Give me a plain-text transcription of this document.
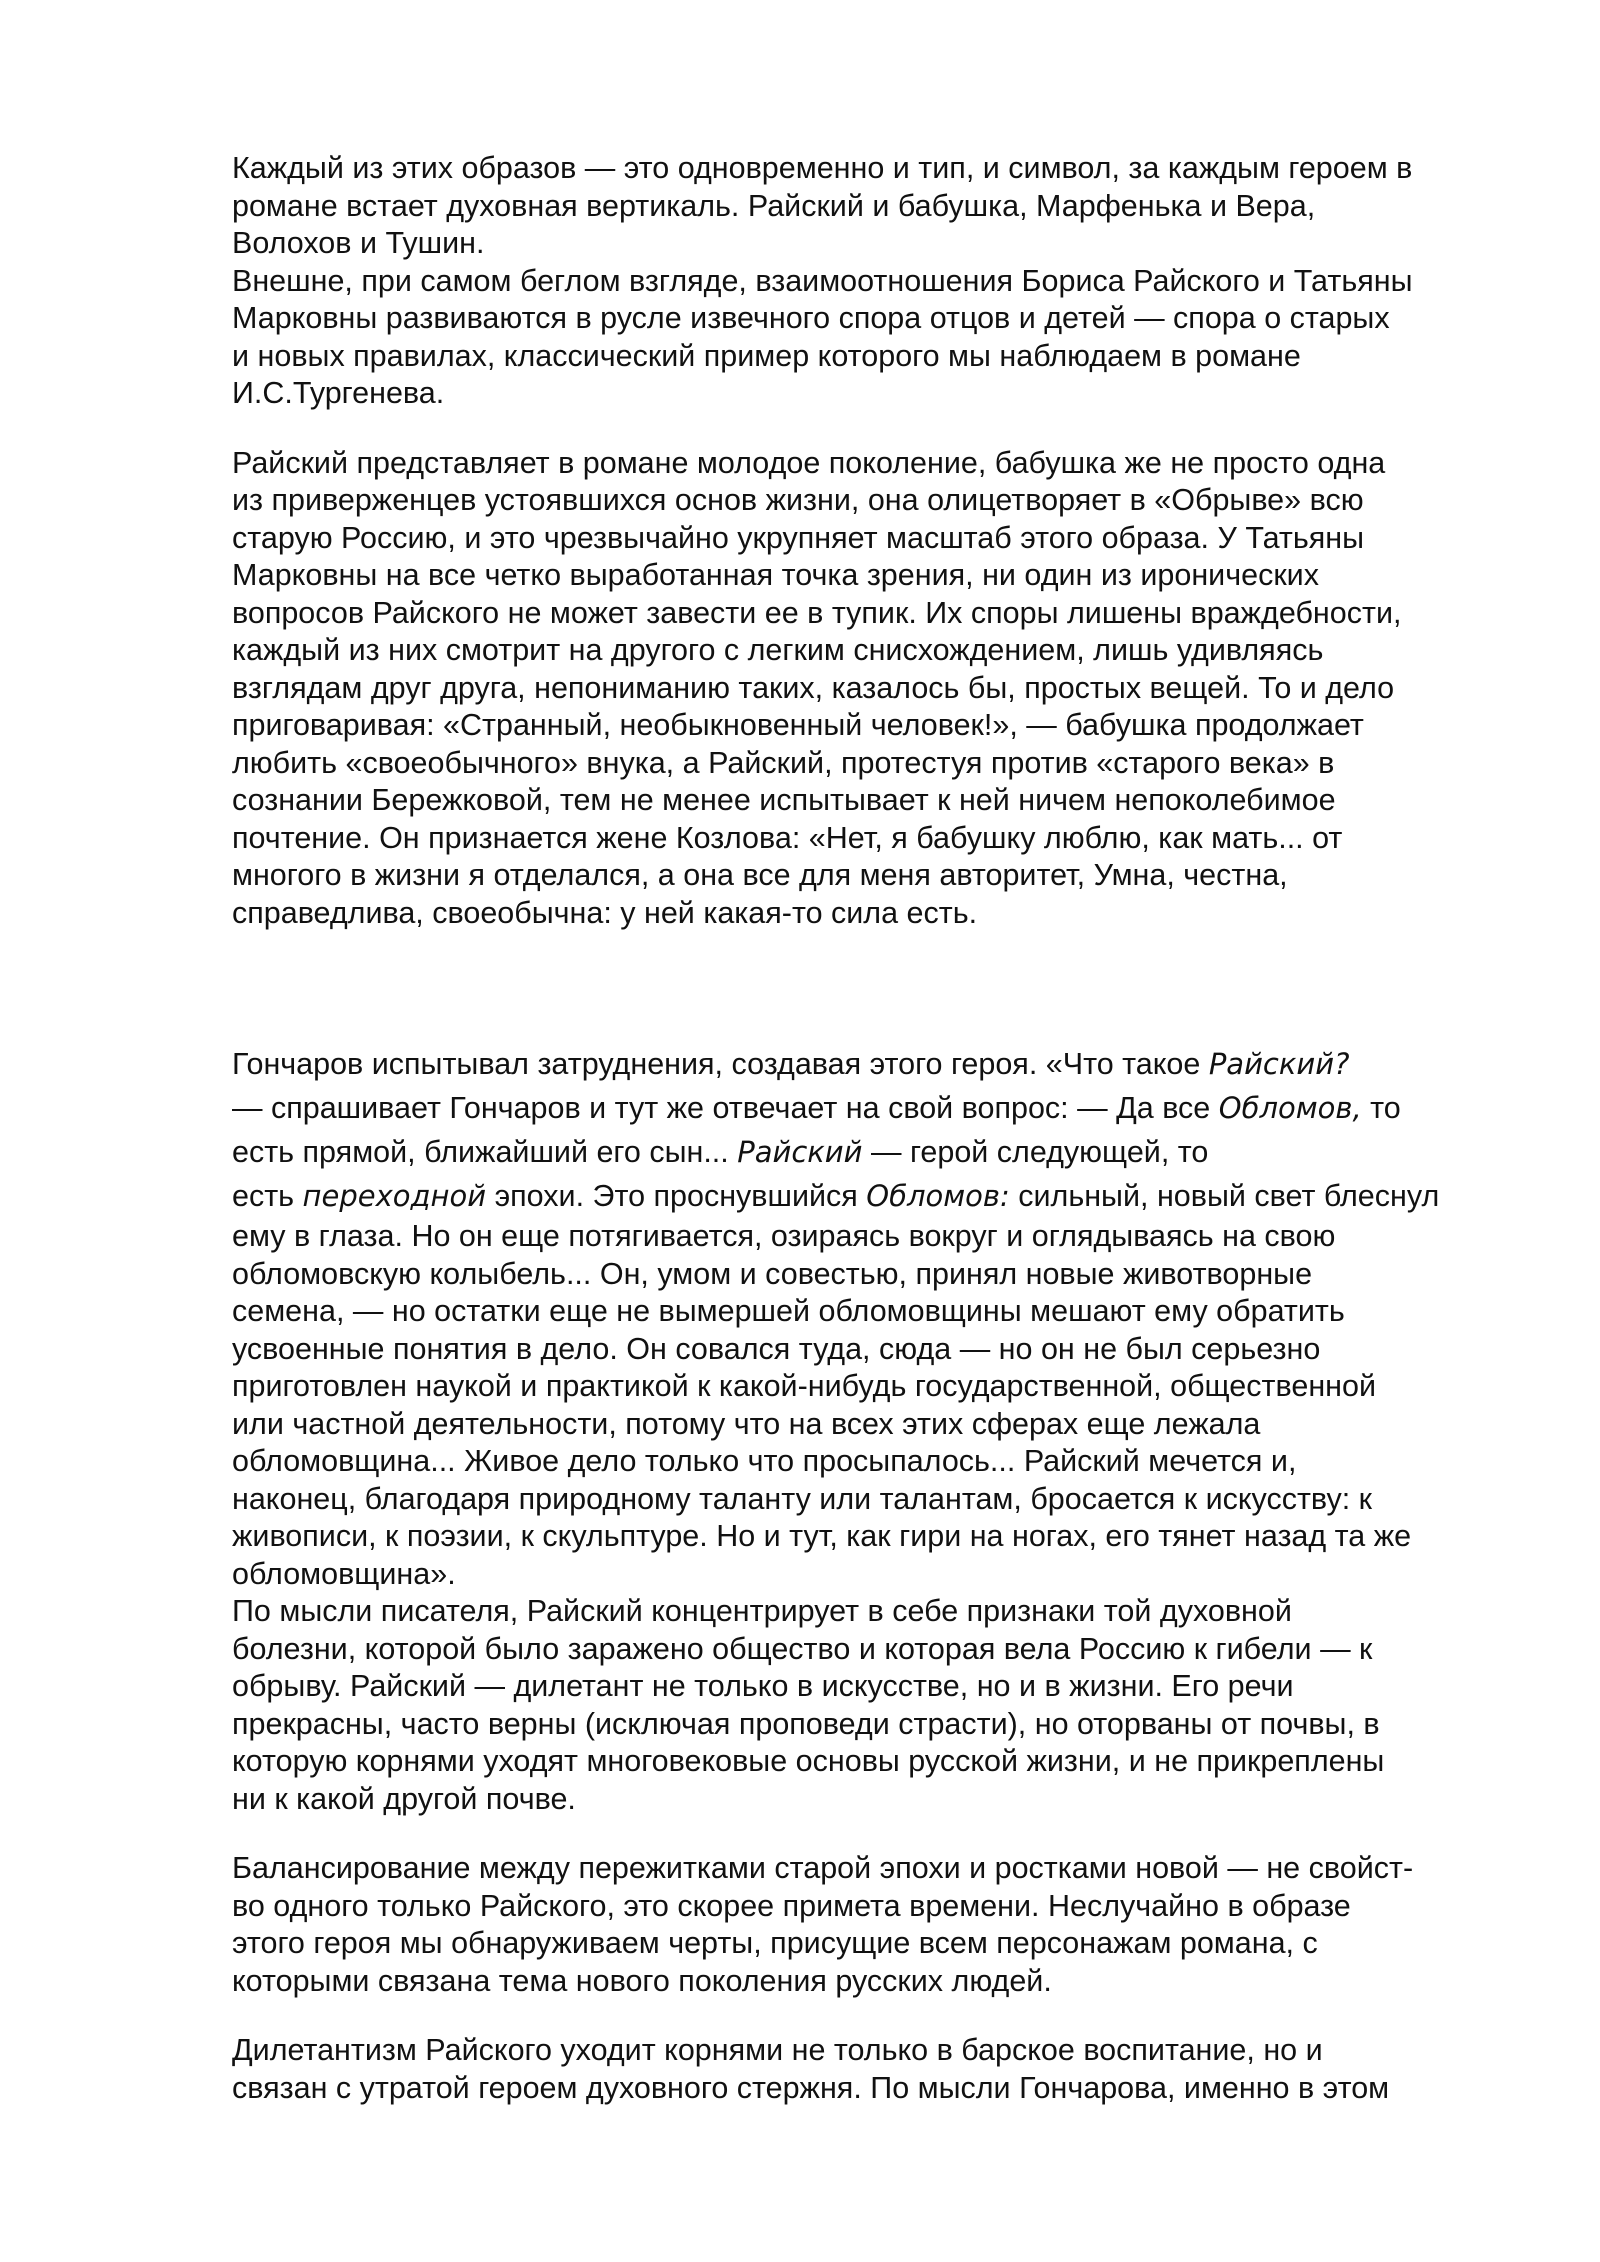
Каждый из этих образов — это одновременно и тип, и символ, за каждым героем в
романе встает духовная вертикаль. Райский и бабушка, Марфенька и Вера,
Волохов и Тушин.
Внешне, при самом беглом взгляде, взаимоотношения Бориса Райского и Татьяны
Марковны развиваются в русле извечного спора отцов и детей — спора о старых
и новых правилах, классический пример которого мы наблюдаем в романе
И.С.Тургенева.

Райский представляет в романе молодое поколение, бабушка же не просто одна
из приверженцев устоявшихся основ жизни, она олицетворяет в «Обрыве» всю
старую Россию, и это чрезвычайно укрупняет масштаб этого образа. У Татьяны
Марковны на все четко выработанная точка зрения, ни один из иронических
вопросов Райского не может завести ее в тупик. Их споры лишены враждебности,
каждый из них смотрит на другого с легким снисхождением, лишь удивляясь
взглядам друг друга, непониманию таких, казалось бы, простых вещей. То и дело
приговаривая: «Странный, необыкновенный человек!», — бабушка продолжает
любить «своеобычного» внука, а Райский, протестуя против «старого века» в
сознании Бережковой, тем не менее испытывает к ней ничем непоколебимое
почтение. Он признается жене Козлова: «Нет, я бабушку люблю, как мать... от
многого в жизни я отделался, а она все для меня авторитет, Умна, честна,
справедлива, своеобычна: у ней какая-то сила есть.

Гончаров испытывал затруднения, создавая этого героя. «Что такое Райский?
— спрашивает Гончаров и тут же отвечает на свой вопрос: — Да все Обломов, то
есть прямой, ближайший его сын... Райский — герой следующей, то
есть переходной эпохи. Это проснувшийся Обломов: сильный, новый свет блеснул
ему в глаза. Но он еще потягивается, озираясь вокруг и оглядываясь на свою
обломовскую колыбель... Он, умом и совестью, принял новые животворные
семена, — но остатки еще не вымершей обломовщины мешают ему обратить
усвоенные понятия в дело. Он совался туда, сюда — но он не был серьезно
приготовлен наукой и практикой к какой-нибудь государственной, общественной
или частной деятельности, потому что на всех этих сферах еще лежала
обломовщина... Живое дело только что просыпалось... Райский мечется и,
наконец, благодаря природному таланту или талантам, бросается к искусству: к
живописи, к поэзии, к скульптуре. Но и тут, как гири на ногах, его тянет назад та же
обломовщина».
По мысли писателя, Райский концентрирует в себе признаки той духовной
болезни, которой было заражено общество и которая вела Россию к гибели — к
обрыву. Райский — дилетант не только в искусстве, но и в жизни. Его речи
прекрасны, часто верны (исключая проповеди страсти), но оторваны от почвы, в
которую корнями уходят многовековые основы русской жизни, и не прикреплены
ни к какой другой почве.

Балансирование между пережитками старой эпохи и ростками новой — не свойст-
во одного только Райского, это скорее примета времени. Неслучайно в образе
этого героя мы обнаруживаем черты, присущие всем персонажам романа, с
которыми связана тема нового поколения русских людей.

Дилетантизм Райского уходит корнями не только в барское воспитание, но и
связан с утратой героем духовного стержня. По мысли Гончарова, именно в этом
